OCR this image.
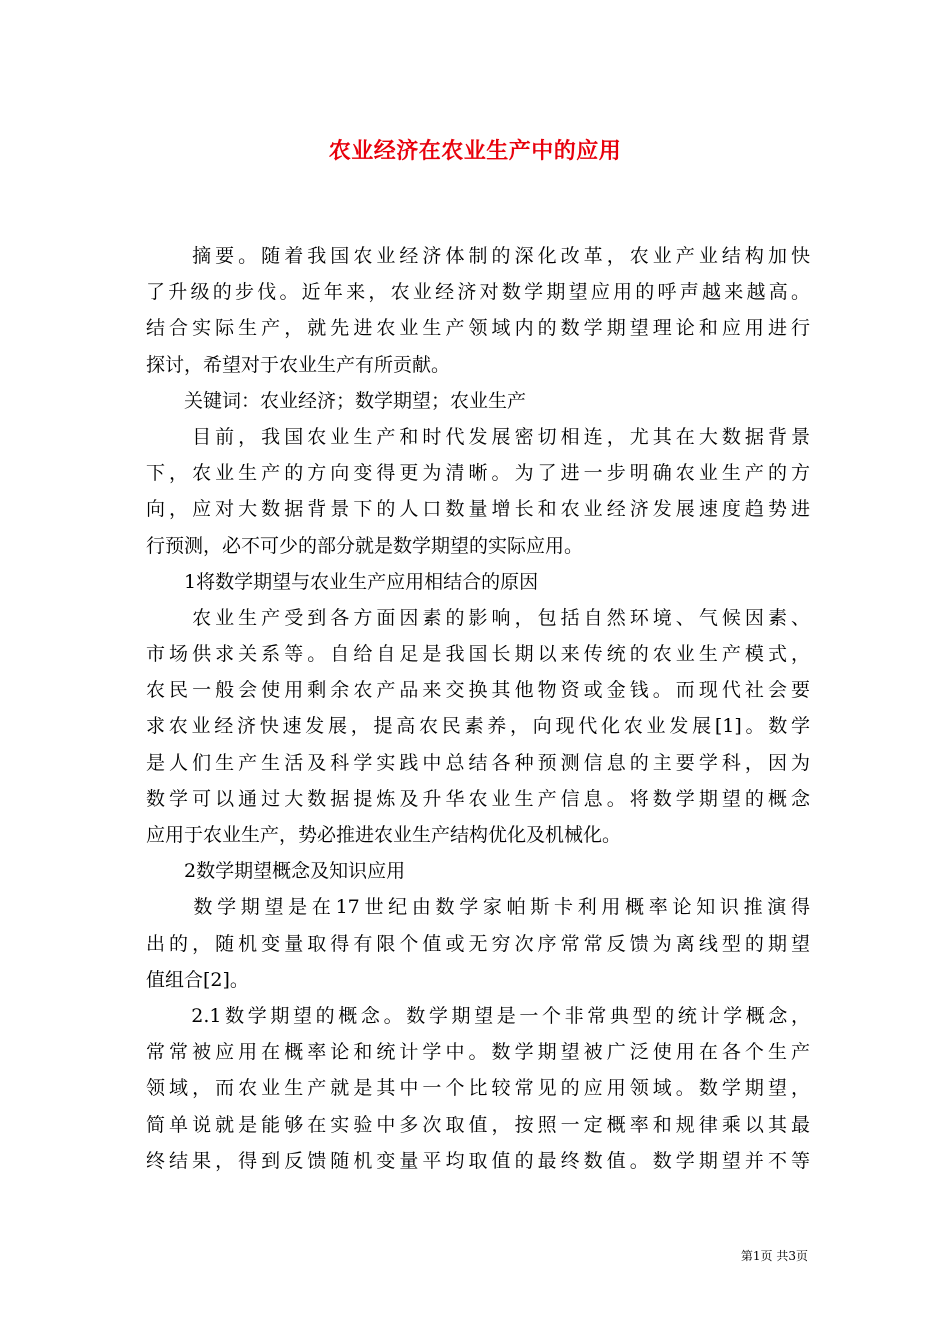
农业经济在农业生产中的应用
　　摘要。随着我国农业经济体制的深化改革，农业产业结构加快
了升级的步伐。近年来，农业经济对数学期望应用的呼声越来越高。
结合实际生产，就先进农业生产领域内的数学期望理论和应用进行
探讨，希望对于农业生产有所贡献。
　　关键词：农业经济；数学期望；农业生产
　　目前，我国农业生产和时代发展密切相连，尤其在大数据背景
下，农业生产的方向变得更为清晰。为了进一步明确农业生产的方
向，应对大数据背景下的人口数量增长和农业经济发展速度趋势进
行预测，必不可少的部分就是数学期望的实际应用。
　　1将数学期望与农业生产应用相结合的原因
　　农业生产受到各方面因素的影响，包括自然环境、气候因素、
市场供求关系等。自给自足是我国长期以来传统的农业生产模式，
农民一般会使用剩余农产品来交换其他物资或金钱。而现代社会要
求农业经济快速发展，提高农民素养，向现代化农业发展[1]。数学
是人们生产生活及科学实践中总结各种预测信息的主要学科，因为
数学可以通过大数据提炼及升华农业生产信息。将数学期望的概念
应用于农业生产，势必推进农业生产结构优化及机械化。
　　2数学期望概念及知识应用
　　数学期望是在17世纪由数学家帕斯卡利用概率论知识推演得
出的，随机变量取得有限个值或无穷次序常常反馈为离线型的期望
值组合[2]。
　　2.1数学期望的概念。数学期望是一个非常典型的统计学概念，
常常被应用在概率论和统计学中。数学期望被广泛使用在各个生产
领域，而农业生产就是其中一个比较常见的应用领域。数学期望，
简单说就是能够在实验中多次取值，按照一定概率和规律乘以其最
终结果，得到反馈随机变量平均取值的最终数值。数学期望并不等
第1页 共3页
